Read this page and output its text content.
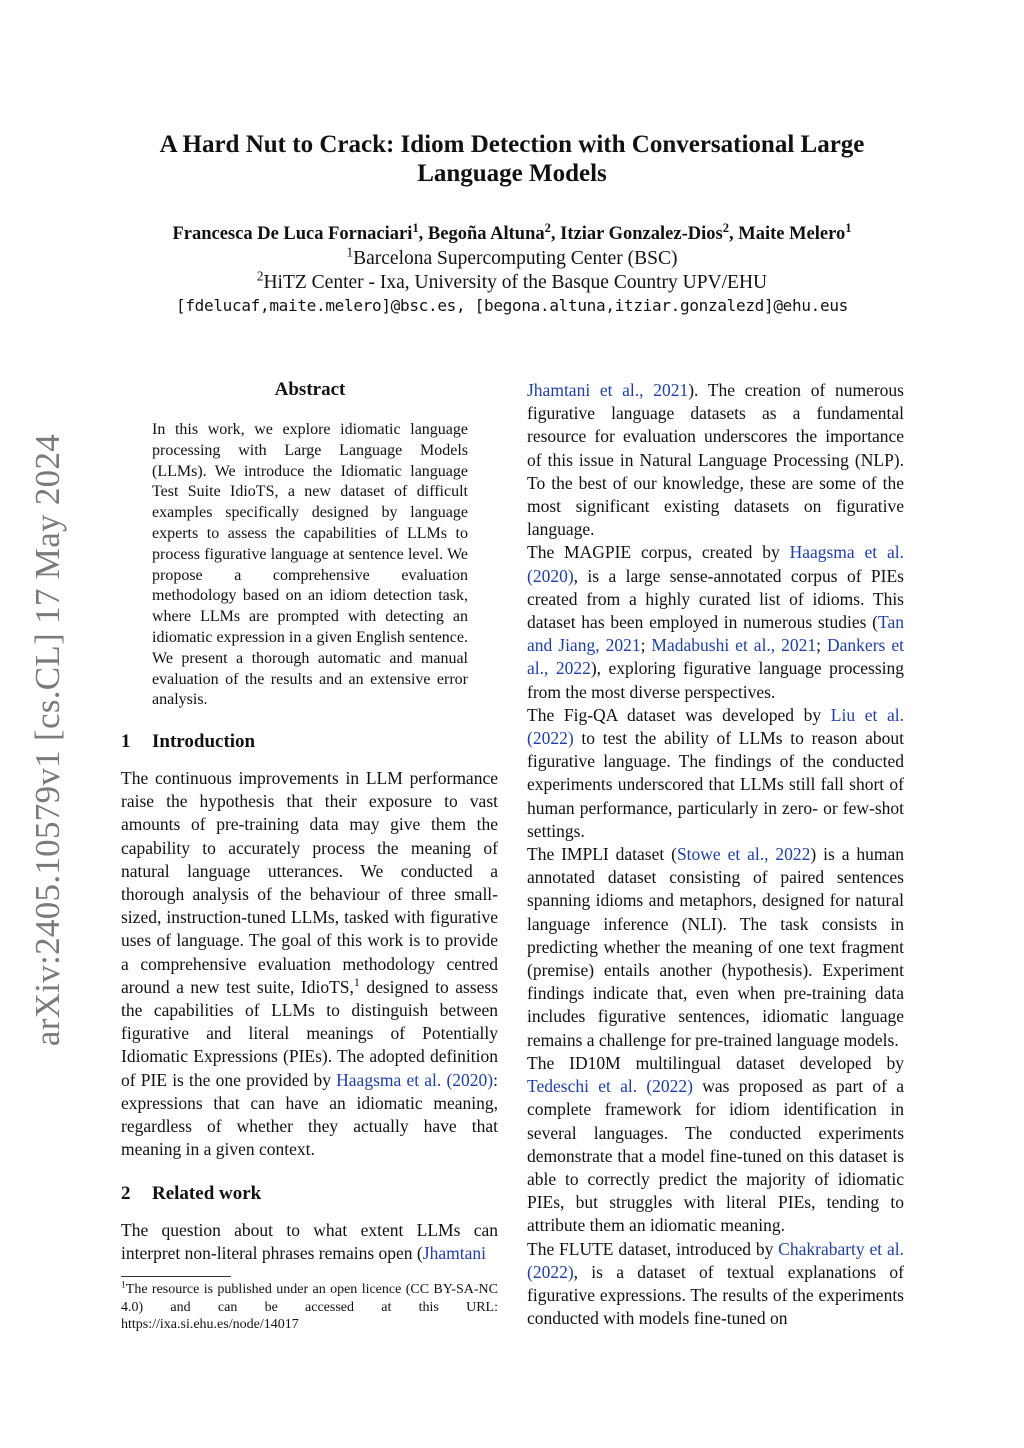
arXiv:2405.10579v1 [cs.CL] 17 May 2024
A Hard Nut to Crack: Idiom Detection with Conversational Large Language Models
Francesca De Luca Fornaciari$^1$, Begoña Altuna$^2$, Itziar Gonzalez-Dios$^2$, Maite Melero$^1$
$^1$Barcelona Supercomputing Center (BSC)
$^2$HiTZ Center - Ixa, University of the Basque Country UPV/EHU
[fdelucaf,maite.melero]@bsc.es, [begona.altuna,itziar.gonzalezd]@ehu.eus
Abstract
In this work, we explore idiomatic language processing with Large Language Models (LLMs). We introduce the Idiomatic language Test Suite IdioTS, a new dataset of difficult examples specifically designed by language experts to assess the capabilities of LLMs to process figurative language at sentence level. We propose a comprehensive evaluation methodology based on an idiom detection task, where LLMs are prompted with detecting an idiomatic expression in a given English sentence. We present a thorough automatic and manual evaluation of the results and an extensive error analysis.
1 Introduction

The continuous improvements in LLM performance raise the hypothesis that their exposure to vast amounts of pre-training data may give them the capability to accurately process the meaning of natural language utterances. We conducted a thorough analysis of the behaviour of three small-sized, instruction-tuned LLMs, tasked with figurative uses of language. The goal of this work is to provide a comprehensive evaluation methodology centred around a new test suite, IdioTS,$^1$ designed to assess the capabilities of LLMs to distinguish between figurative and literal meanings of Potentially Idiomatic Expressions (PIEs). The adopted definition of PIE is the one provided by Haagsma et al. (2020): expressions that can have an idiomatic meaning, regardless of whether they actually have that meaning in a given context.

2 Related work

The question about to what extent LLMs can interpret non-literal phrases remains open (Jhamtani

Jhamtani et al., 2021). The creation of numerous figurative language datasets as a fundamental resource for evaluation underscores the importance of this issue in Natural Language Processing (NLP). To the best of our knowledge, these are some of the most significant existing datasets on figurative language.

The MAGPIE corpus, created by Haagsma et al. (2020), is a large sense-annotated corpus of PIEs created from a highly curated list of idioms. This dataset has been employed in numerous studies (Tan and Jiang, 2021; Madabushi et al., 2021; Dankers et al., 2022), exploring figurative language processing from the most diverse perspectives.

The Fig-QA dataset was developed by Liu et al. (2022) to test the ability of LLMs to reason about figurative language. The findings of the conducted experiments underscored that LLMs still fall short of human performance, particularly in zero- or few-shot settings.

The IMPLI dataset (Stowe et al., 2022) is a human annotated dataset consisting of paired sentences spanning idioms and metaphors, designed for natural language inference (NLI). The task consists in predicting whether the meaning of one text fragment (premise) entails another (hypothesis). Experiment findings indicate that, even when pre-training data includes figurative sentences, idiomatic language remains a challenge for pre-trained language models.

The ID10M multilingual dataset developed by Tedeschi et al. (2022) was proposed as part of a complete framework for idiom identification in several languages. The conducted experiments demonstrate that a model fine-tuned on this dataset is able to correctly predict the majority of idiomatic PIEs, but struggles with literal PIEs, tending to attribute them an idiomatic meaning.

The FLUTE dataset, introduced by Chakrabarty et al. (2022), is a dataset of textual explanations of figurative expressions. The results of the experiments conducted with models fine-tuned on

$^1$The resource is published under an open licence (CC BY-SA-NC 4.0) and can be accessed at this URL: https://ixa.si.ehu.es/node/14017
